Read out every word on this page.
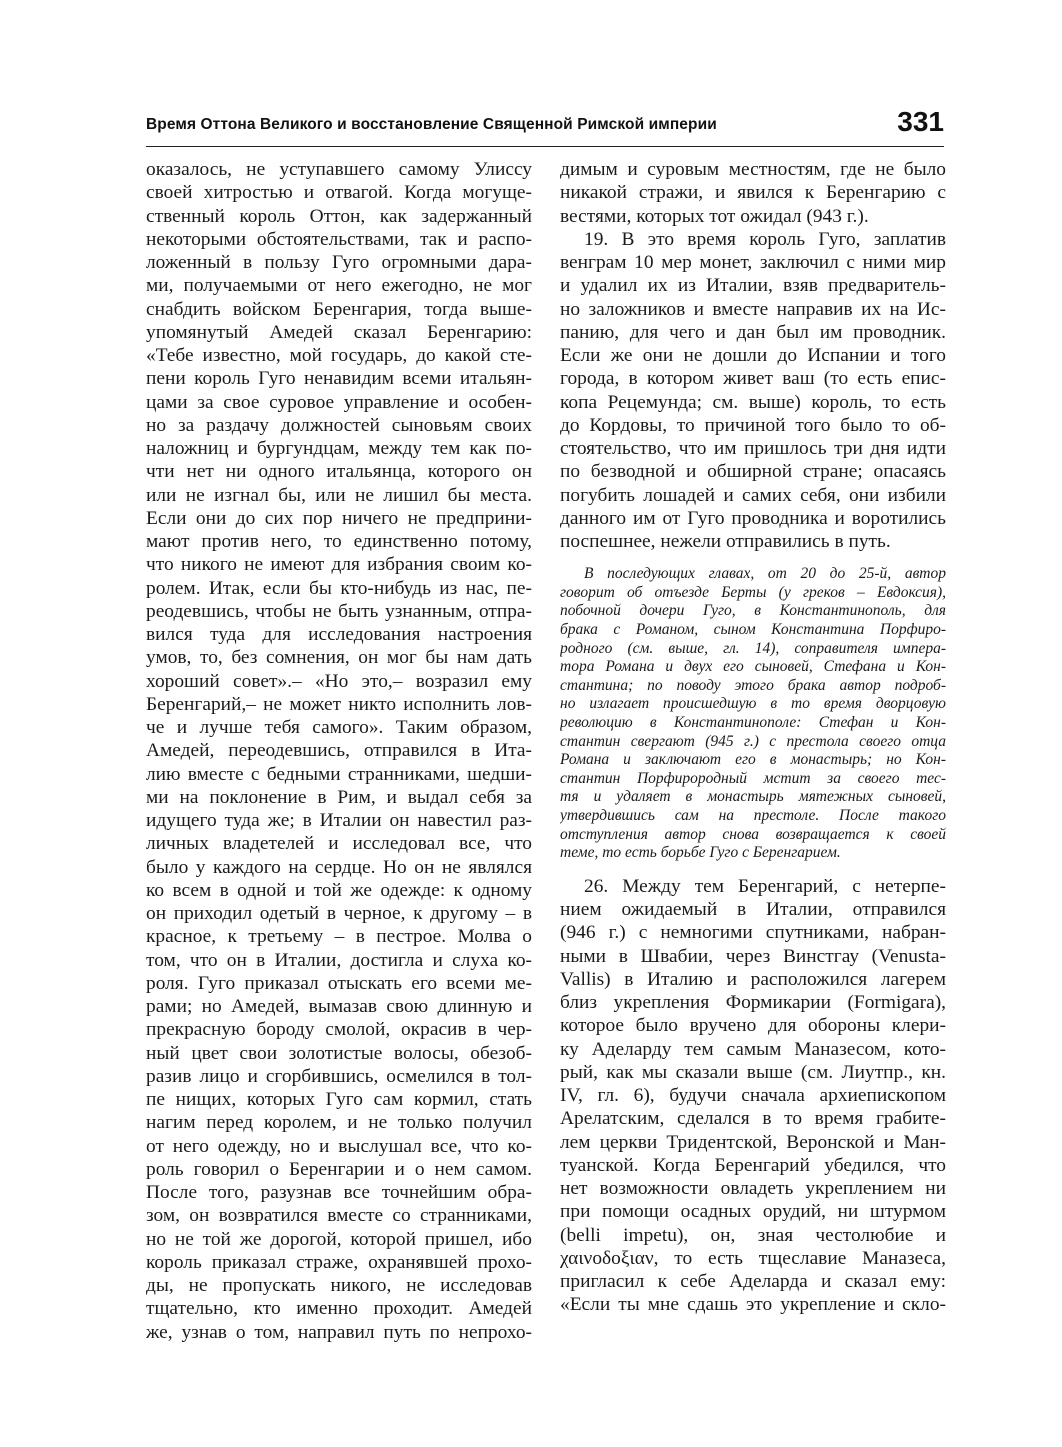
Время Оттона Великого и восстановление Священной Римской империи	331
оказалось, не уступавшего самому Улиссу
своей хитростью и отвагой. Когда могуще-
ственный король Оттон, как задержанный
некоторыми обстоятельствами, так и распо-
ложенный в пользу Гуго огромными дара-
ми, получаемыми от него ежегодно, не мог
снабдить войском Беренгария, тогда выше-
упомянутый Амедей сказал Беренгарию:
«Тебе известно, мой государь, до какой сте-
пени король Гуго ненавидим всеми итальян-
цами за свое суровое управление и особен-
но за раздачу должностей сыновьям своих
наложниц и бургундцам, между тем как по-
чти нет ни одного итальянца, которого он
или не изгнал бы, или не лишил бы места.
Если они до сих пор ничего не предприни-
мают против него, то единственно потому,
что никого не имеют для избрания своим ко-
ролем. Итак, если бы кто-нибудь из нас, пе-
реодевшись, чтобы не быть узнанным, отпра-
вился туда для исследования настроения
умов, то, без сомнения, он мог бы нам дать
хороший совет».– «Но это,– возразил ему
Беренгарий,– не может никто исполнить лов-
че и лучше тебя самого». Таким образом,
Амедей, переодевшись, отправился в Ита-
лию вместе с бедными странниками, шедши-
ми на поклонение в Рим, и выдал себя за
идущего туда же; в Италии он навестил раз-
личных владетелей и исследовал все, что
было у каждого на сердце. Но он не являлся
ко всем в одной и той же одежде: к одному
он приходил одетый в черное, к другому – в
красное, к третьему – в пестрое. Молва о
том, что он в Италии, достигла и слуха ко-
роля. Гуго приказал отыскать его всеми ме-
рами; но Амедей, вымазав свою длинную и
прекрасную бороду смолой, окрасив в чер-
ный цвет свои золотистые волосы, обезоб-
разив лицо и сгорбившись, осмелился в тол-
пе нищих, которых Гуго сам кормил, стать
нагим перед королем, и не только получил
от него одежду, но и выслушал все, что ко-
роль говорил о Беренгарии и о нем самом.
После того, разузнав все точнейшим обра-
зом, он возвратился вместе со странниками,
но не той же дорогой, которой пришел, ибо
король приказал страже, охранявшей прохо-
ды, не пропускать никого, не исследовав
тщательно, кто именно проходит. Амедей
же, узнав о том, направил путь по непрохо-
димым и суровым местностям, где не было
никакой стражи, и явился к Беренгарию с
вестями, которых тот ожидал (943 г.).
19. В это время король Гуго, заплатив
венграм 10 мер монет, заключил с ними мир
и удалил их из Италии, взяв предваритель-
но заложников и вместе направив их на Ис-
панию, для чего и дан был им проводник.
Если же они не дошли до Испании и того
города, в котором живет ваш (то есть епис-
копа Рецемунда; см. выше) король, то есть
до Кордовы, то причиной того было то об-
стоятельство, что им пришлось три дня идти
по безводной и обширной стране; опасаясь
погубить лошадей и самих себя, они избили
данного им от Гуго проводника и воротились
поспешнее, нежели отправились в путь.
В последующих главах, от 20 до 25-й, автор
говорит об отъезде Берты (у греков – Евдоксия),
побочной дочери Гуго, в Константинополь, для
брака с Романом, сыном Константина Порфиро-
родного (см. выше, гл. 14), соправителя импера-
тора Романа и двух его сыновей, Стефана и Кон-
стантина; по поводу этого брака автор подроб-
но излагает происшедшую в то время дворцовую
революцию в Константинополе: Стефан и Кон-
стантин свергают (945 г.) с престола своего отца
Романа и заключают его в монастырь; но Кон-
стантин Порфирородный мстит за своего тес-
тя и удаляет в монастырь мятежных сыновей,
утвердившись сам на престоле. После такого
отступления автор снова возвращается к своей
теме, то есть борьбе Гуго с Беренгарием.
26. Между тем Беренгарий, с нетерпе-
нием ожидаемый в Италии, отправился
(946 г.) с немногими спутниками, набран-
ными в Швабии, через Винстгау (Venusta-
Vallis) в Италию и расположился лагерем
близ укрепления Формикарии (Formigara),
которое было вручено для обороны клери-
ку Аделарду тем самым Маназесом, кото-
рый, как мы сказали выше (см. Лиутпр., кн.
IV, гл. 6), будучи сначала архиепископом
Арелатским, сделался в то время грабите-
лем церкви Тридентской, Веронской и Ман-
туанской. Когда Беренгарий убедился, что
нет возможности овладеть укреплением ни
при помощи осадных орудий, ни штурмом
(belli impetu), он, зная честолюбие и
χαινοδοξιαν, то есть тщеславие Маназеса,
пригласил к себе Аделарда и сказал ему:
«Если ты мне сдашь это укрепление и скло-
